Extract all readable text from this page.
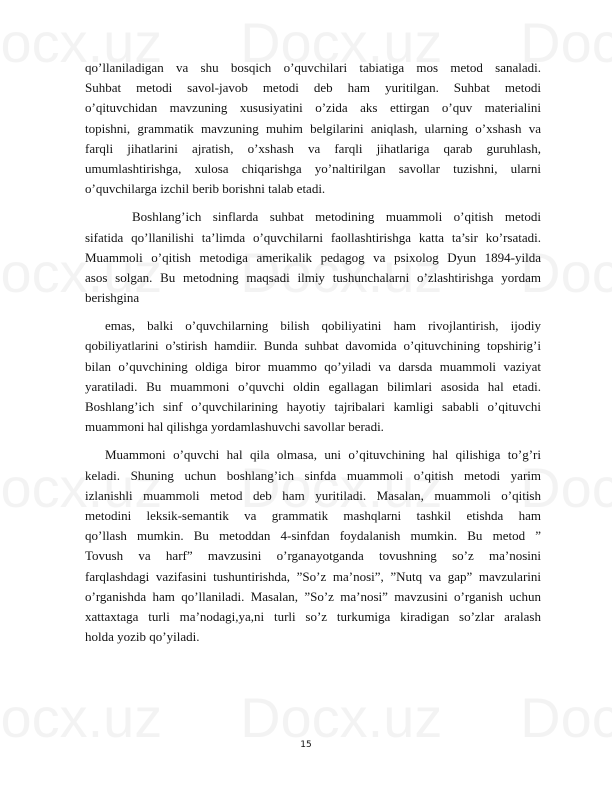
qo’llaniladigan va shu bosqich o’quvchilari tabiatiga mos metod sanaladi.
Suhbat metodi savol-javob metodi deb ham yuritilgan. Suhbat metodi
o’qituvchidan mavzuning xususiyatini o’zida aks ettirgan o’quv materialini
topishni, grammatik mavzuning muhim belgilarini aniqlash, ularning o’xshash va
farqli jihatlarini ajratish, o’xshash va farqli jihatlariga qarab guruhlash,
umumlashtirishga, xulosa chiqarishga yo’naltirilgan savollar tuzishni, ularni
o’quvchilarga izchil berib borishni talab etadi.
Boshlang’ich sinflarda suhbat metodining muammoli o’qitish metodi
sifatida qo’llanilishi ta’limda o’quvchilarni faollashtirishga katta ta’sir ko’rsatadi.
Muammoli o’qitish metodiga amerikalik pedagog va psixolog Dyun 1894-yilda
asos solgan. Bu metodning maqsadi ilmiy tushunchalarni o’zlashtirishga yordam
berishgina
emas, balki o’quvchilarning bilish qobiliyatini ham rivojlantirish, ijodiy
qobiliyatlarini o’stirish hamdiir. Bunda suhbat davomida o’qituvchining topshirig’i
bilan o’quvchining oldiga biror muammo qo’yiladi va darsda muammoli vaziyat
yaratiladi. Bu muammoni o’quvchi oldin egallagan bilimlari asosida hal etadi.
Boshlang’ich sinf o’quvchilarining hayotiy tajribalari kamligi sababli o’qituvchi
muammoni hal qilishga yordamlashuvchi savollar beradi.
Muammoni o’quvchi hal qila olmasa, uni o’qituvchining hal qilishiga to’g’ri
keladi. Shuning uchun boshlang’ich sinfda muammoli o’qitish metodi yarim
izlanishli muammoli metod deb ham yuritiladi. Masalan, muammoli o’qitish
metodini leksik-semantik va grammatik mashqlarni tashkil etishda ham
qo’llash mumkin. Bu metoddan 4-sinfdan foydalanish mumkin. Bu metod ”
Tovush va harf” mavzusini o’rganayotganda tovushning so’z ma’nosini
farqlashdagi vazifasini tushuntirishda, ”So’z ma’nosi”, ”Nutq va gap” mavzularini
o’rganishda ham qo’llaniladi. Masalan, ”So’z ma’nosi” mavzusini o’rganish uchun
xattaxtaga turli ma’nodagi,ya,ni turli so’z turkumiga kiradigan so’zlar aralash
holda yozib qo’yiladi.
15
